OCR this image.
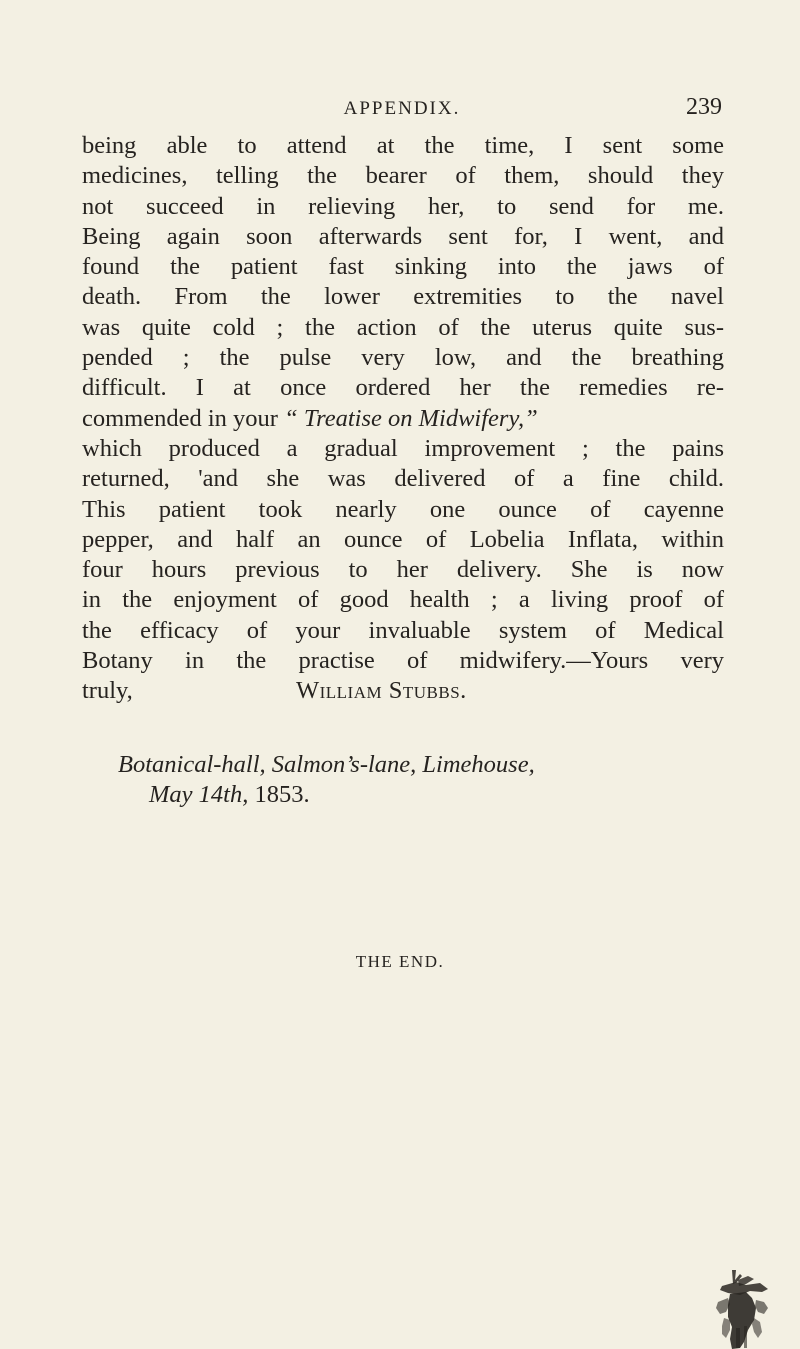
APPENDIX.	239
being able to attend at the time, I sent some
medicines, telling the bearer of them, should they
not succeed in relieving her, to send for me.
Being again soon afterwards sent for, I went, and
found the patient fast sinking into the jaws of
death. From the lower extremities to the navel
was quite cold ; the action of the uterus quite sus-
pended ; the pulse very low, and the breathing
difficult. I at once ordered her the remedies re-
commended in your “ Treatise on Midwifery,”
which produced a gradual improvement ; the pains
returned, 'and she was delivered of a fine child.
This patient took nearly one ounce of cayenne
pepper, and half an ounce of Lobelia Inflata, within
four hours previous to her delivery. She is now
in the enjoyment of good health ; a living proof of
the efficacy of your invaluable system of Medical
Botany in the practise of midwifery.—Yours very
truly,	William Stubbs.
Botanical-hall, Salmon’s-lane, Limehouse,
May 14th, 1853.
THE END.
